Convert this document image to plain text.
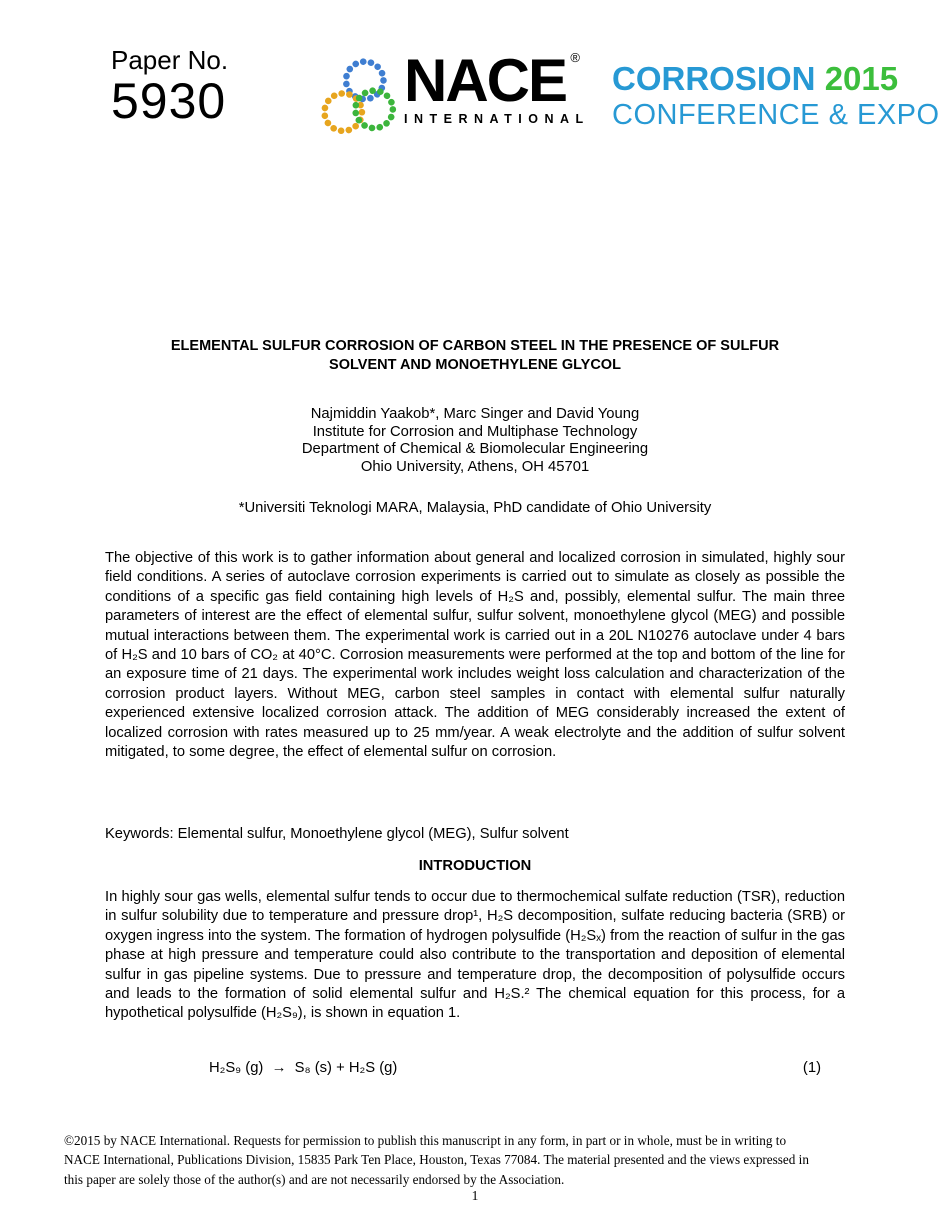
Paper No.
5930	NACE ®
INTERNATIONAL
CORROSION 2015
CONFERENCE & EXPO
ELEMENTAL SULFUR CORROSION OF CARBON STEEL IN THE PRESENCE OF SULFUR
SOLVENT AND MONOETHYLENE GLYCOL
Najmiddin Yaakob*, Marc Singer and David Young
Institute for Corrosion and Multiphase Technology
Department of Chemical & Biomolecular Engineering
Ohio University, Athens, OH 45701
*Universiti Teknologi MARA, Malaysia, PhD candidate of Ohio University
The objective of this work is to gather information about general and localized corrosion in simulated, highly sour field conditions. A series of autoclave corrosion experiments is carried out to simulate as closely as possible the conditions of a specific gas field containing high levels of H₂S and, possibly, elemental sulfur. The main three parameters of interest are the effect of elemental sulfur, sulfur solvent, monoethylene glycol (MEG) and possible mutual interactions between them. The experimental work is carried out in a 20L N10276 autoclave under 4 bars of H₂S and 10 bars of CO₂ at 40°C. Corrosion measurements were performed at the top and bottom of the line for an exposure time of 21 days. The experimental work includes weight loss calculation and characterization of the corrosion product layers. Without MEG, carbon steel samples in contact with elemental sulfur naturally experienced extensive localized corrosion attack. The addition of MEG considerably increased the extent of localized corrosion with rates measured up to 25 mm/year. A weak electrolyte and the addition of sulfur solvent mitigated, to some degree, the effect of elemental sulfur on corrosion.
Keywords: Elemental sulfur, Monoethylene glycol (MEG), Sulfur solvent
INTRODUCTION
In highly sour gas wells, elemental sulfur tends to occur due to thermochemical sulfate reduction (TSR), reduction in sulfur solubility due to temperature and pressure drop¹, H₂S decomposition, sulfate reducing bacteria (SRB) or oxygen ingress into the system. The formation of hydrogen polysulfide (H₂Sₓ) from the reaction of sulfur in the gas phase at high pressure and temperature could also contribute to the transportation and deposition of elemental sulfur in gas pipeline systems. Due to pressure and temperature drop, the decomposition of polysulfide occurs and leads to the formation of solid elemental sulfur and H₂S.² The chemical equation for this process, for a hypothetical polysulfide (H₂S₉), is shown in equation 1.
H₂S₉ (g)  →  S₈ (s) + H₂S (g)	(1)
©2015 by NACE International. Requests for permission to publish this manuscript in any form, in part or in whole, must be in writing to
NACE International, Publications Division, 15835 Park Ten Place, Houston, Texas 77084. The material presented and the views expressed in
this paper are solely those of the author(s) and are not necessarily endorsed by the Association.
1
